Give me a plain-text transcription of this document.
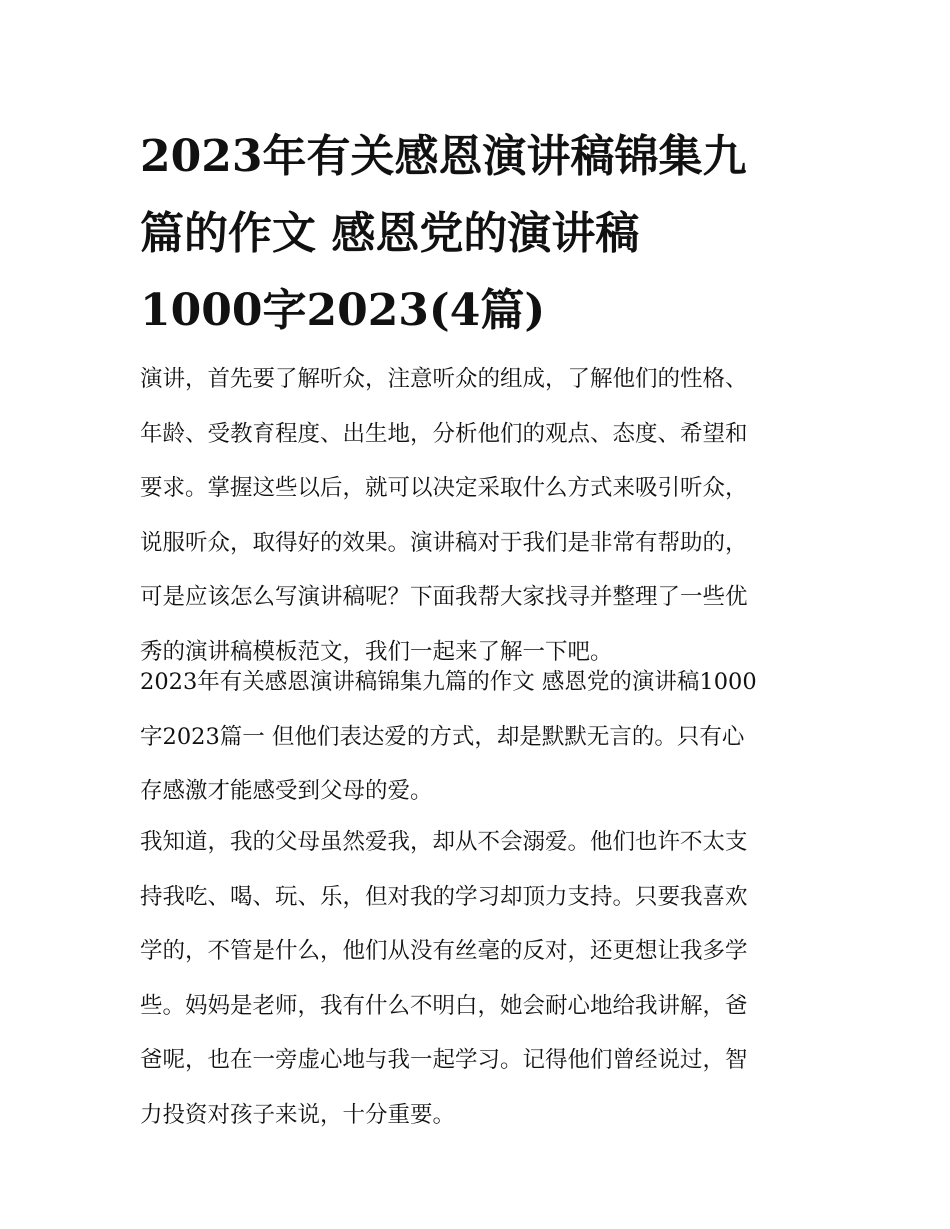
2023年有关感恩演讲稿锦集九
篇的作文 感恩党的演讲稿
1000字2023(4篇)
演讲，首先要了解听众，注意听众的组成，了解他们的性格、
年龄、受教育程度、出生地，分析他们的观点、态度、希望和
要求。掌握这些以后，就可以决定采取什么方式来吸引听众，
说服听众，取得好的效果。演讲稿对于我们是非常有帮助的，
可是应该怎么写演讲稿呢？下面我帮大家找寻并整理了一些优
秀的演讲稿模板范文，我们一起来了解一下吧。
2023年有关感恩演讲稿锦集九篇的作文 感恩党的演讲稿1000
字2023篇一 但他们表达爱的方式，却是默默无言的。只有心
存感激才能感受到父母的爱。
我知道，我的父母虽然爱我，却从不会溺爱。他们也许不太支
持我吃、喝、玩、乐，但对我的学习却顶力支持。只要我喜欢
学的，不管是什么，他们从没有丝毫的反对，还更想让我多学
些。妈妈是老师，我有什么不明白，她会耐心地给我讲解，爸
爸呢，也在一旁虚心地与我一起学习。记得他们曾经说过，智
力投资对孩子来说，十分重要。
